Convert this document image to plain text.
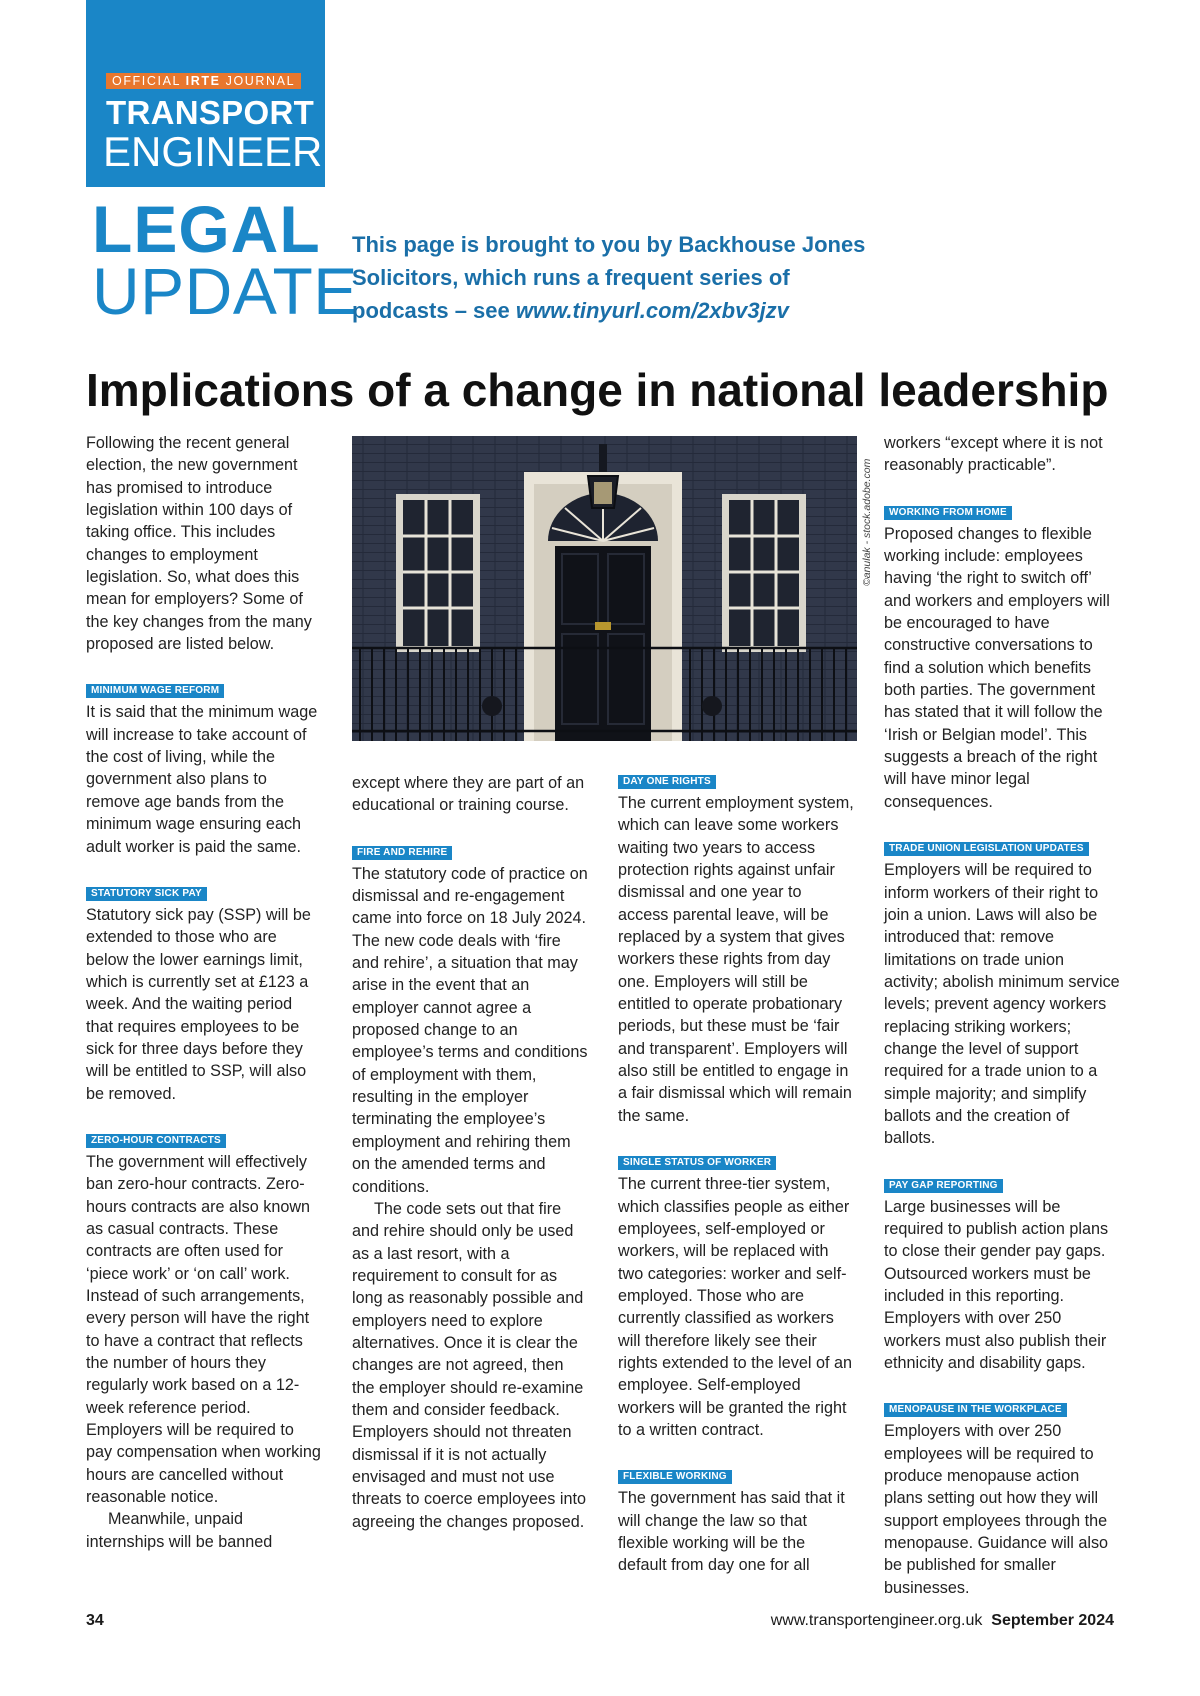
OFFICIAL IRTE JOURNAL
TRANSPORT
ENGINEER
LEGAL
UPDATE
This page is brought to you by Backhouse Jones Solicitors, which runs a frequent series of podcasts – see www.tinyurl.com/2xbv3jzv
Implications of a change in national leadership

Following the recent general election, the new government has promised to introduce legislation within 100 days of taking office. This includes changes to employment legislation. So, what does this mean for employers? Some of the key changes from the many proposed are listed below.

MINIMUM WAGE REFORM

It is said that the minimum wage will increase to take account of the cost of living, while the government also plans to remove age bands from the minimum wage ensuring each adult worker is paid the same.

STATUTORY SICK PAY

Statutory sick pay (SSP) will be extended to those who are below the lower earnings limit, which is currently set at £123 a week. And the waiting period that requires employees to be sick for three days before they will be entitled to SSP, will also be removed.

ZERO-HOUR CONTRACTS

The government will effectively ban zero-hour contracts. Zero-hours contracts are also known as casual contracts. These contracts are often used for ‘piece work’ or ‘on call’ work. Instead of such arrangements, every person will have the right to have a contract that reflects the number of hours they regularly work based on a 12-week reference period. Employers will be required to pay compensation when working hours are cancelled without reasonable notice.

Meanwhile, unpaid internships will be banned

©anulak - stock.adobe.com

except where they are part of an educational or training course.

FIRE AND REHIRE

The statutory code of practice on dismissal and re-engagement came into force on 18 July 2024. The new code deals with ‘fire and rehire’, a situation that may arise in the event that an employer cannot agree a proposed change to an employee’s terms and conditions of employment with them, resulting in the employer terminating the employee’s employment and rehiring them on the amended terms and conditions.

The code sets out that fire and rehire should only be used as a last resort, with a requirement to consult for as long as reasonably possible and employers need to explore alternatives. Once it is clear the changes are not agreed, then the employer should re-examine them and consider feedback. Employers should not threaten dismissal if it is not actually envisaged and must not use threats to coerce employees into agreeing the changes proposed.

DAY ONE RIGHTS

The current employment system, which can leave some workers waiting two years to access protection rights against unfair dismissal and one year to access parental leave, will be replaced by a system that gives workers these rights from day one. Employers will still be entitled to operate probationary periods, but these must be ‘fair and transparent’. Employers will also still be entitled to engage in a fair dismissal which will remain the same.

SINGLE STATUS OF WORKER

The current three-tier system, which classifies people as either employees, self-employed or workers, will be replaced with two categories: worker and self-employed. Those who are currently classified as workers will therefore likely see their rights extended to the level of an employee. Self-employed workers will be granted the right to a written contract.

FLEXIBLE WORKING

The government has said that it will change the law so that flexible working will be the default from day one for all

workers “except where it is not reasonably practicable”.

WORKING FROM HOME

Proposed changes to flexible working include: employees having ‘the right to switch off’ and workers and employers will be encouraged to have constructive conversations to find a solution which benefits both parties. The government has stated that it will follow the ‘Irish or Belgian model’. This suggests a breach of the right will have minor legal consequences.

TRADE UNION LEGISLATION UPDATES

Employers will be required to inform workers of their right to join a union. Laws will also be introduced that: remove limitations on trade union activity; abolish minimum service levels; prevent agency workers replacing striking workers; change the level of support required for a trade union to a simple majority; and simplify ballots and the creation of ballots.

PAY GAP REPORTING

Large businesses will be required to publish action plans to close their gender pay gaps. Outsourced workers must be included in this reporting. Employers with over 250 workers must also publish their ethnicity and disability gaps.

MENOPAUSE IN THE WORKPLACE

Employers with over 250 employees will be required to produce menopause action plans setting out how they will support employees through the menopause. Guidance will also be published for smaller businesses.

34	www.transportengineer.org.uk September 2024
